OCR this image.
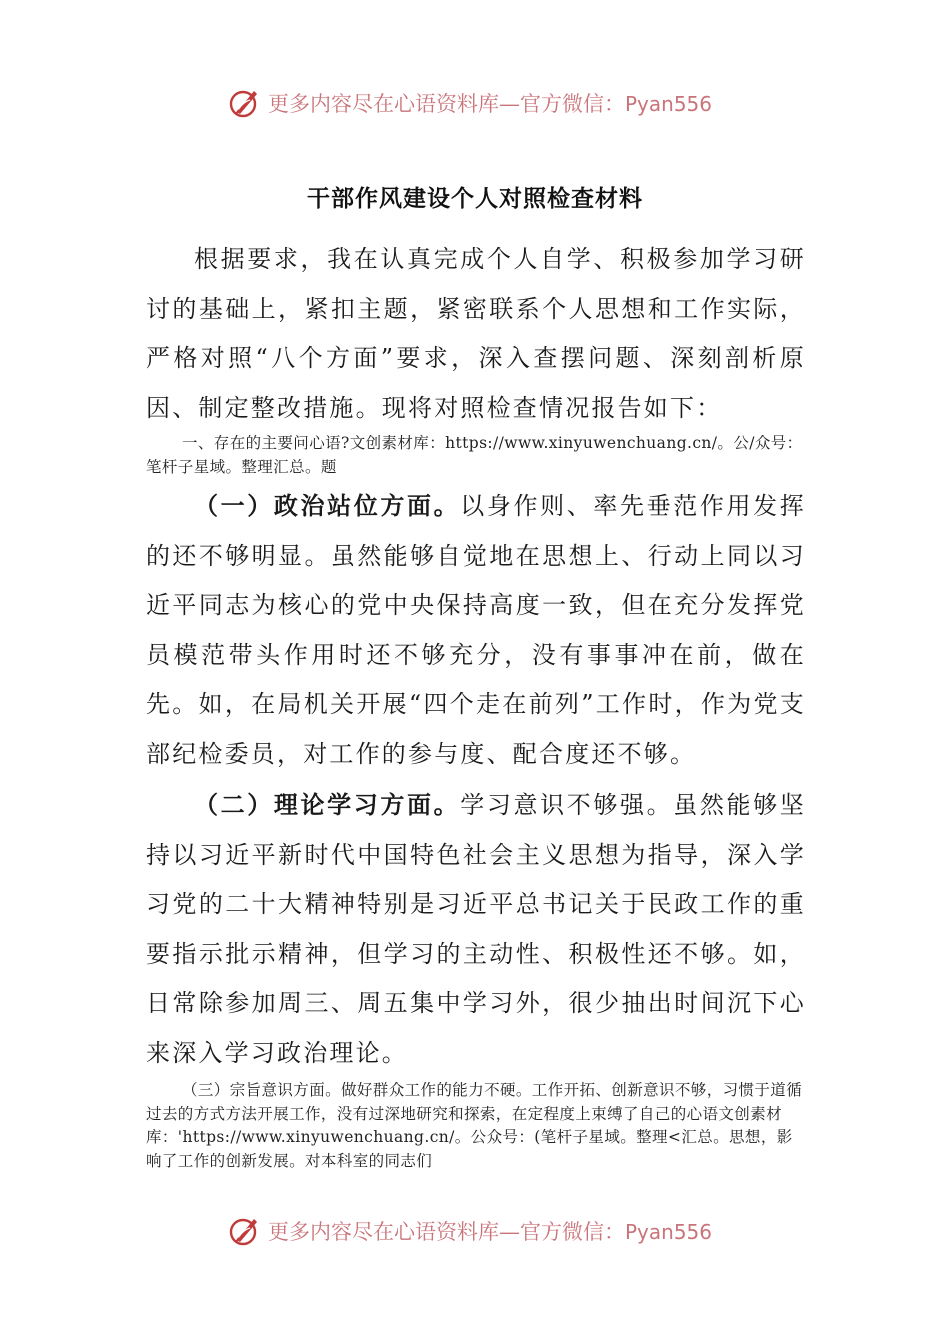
更多内容尽在心语资料库—官方微信：Pyan556
干部作风建设个人对照检查材料

根据要求，我在认真完成个人自学、积极参加学习研讨的基础上，紧扣主题，紧密联系个人思想和工作实际，严格对照“八个方面”要求，深入查摆问题、深刻剖析原因、制定整改措施。现将对照检查情况报告如下：

一、存在的主要问心语?文创素材库：https://www.xinyuwenchuang.cn/。公/众号：笔杆子星域。整理汇总。题

（一）政治站位方面。以身作则、率先垂范作用发挥的还不够明显。虽然能够自觉地在思想上、行动上同以习近平同志为核心的党中央保持高度一致，但在充分发挥党员模范带头作用时还不够充分，没有事事冲在前，做在先。如，在局机关开展“四个走在前列”工作时，作为党支部纪检委员，对工作的参与度、配合度还不够。

（二）理论学习方面。学习意识不够强。虽然能够坚持以习近平新时代中国特色社会主义思想为指导，深入学习党的二十大精神特别是习近平总书记关于民政工作的重要指示批示精神，但学习的主动性、积极性还不够。如，日常除参加周三、周五集中学习外，很少抽出时间沉下心来深入学习政治理论。

（三）宗旨意识方面。做好群众工作的能力不硬。工作开拓、创新意识不够，习惯于道循过去的方式方法开展工作，没有过深地研究和探索，在定程度上束缚了自己的心语文创素材库：'https://www.xinyuwenchuang.cn/。公众号：(笔杆子星域。整理<汇总。思想，影响了工作的创新发展。对本科室的同志们

更多内容尽在心语资料库—官方微信：Pyan556
